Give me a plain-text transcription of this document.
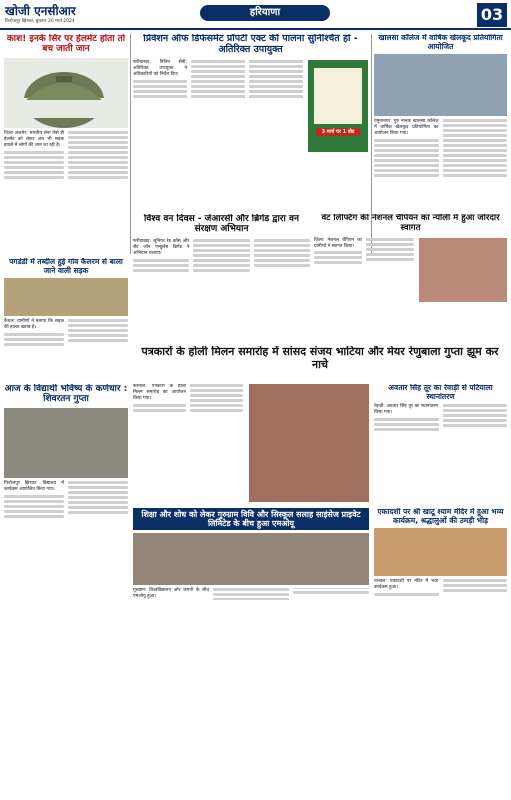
खोजी एनसीआर
फिरोजपुर झिरका, बुधवार 20 मार्च 2024
हरियाणा	03
काश! इनके सिर पर हेलमेट होता तो बच जाती जान

ज़िला अजमेर: भारतीय सेना जैसे ही हेलमेट को लेकर अब भी सड़क हादसे में लोगों की जान जा रही है।

प्रिवेंशन ऑफ डिफेसमेंट प्रॉपर्टी एक्ट की पालना सुनिश्चित हो - अतिरिक्त उपायुक्त

फरीदाबाद, नितिन सैनी: अतिरिक्त उपायुक्त ने अधिकारियों को निर्देश दिए।

3 मार्च पर 1 वोट
खालसा कॉलेज में वार्षिक खेलकूद प्रतियोगिता आयोजित

यमुनानगर: गुरु नानक खालसा कॉलेज में वार्षिक खेलकूद प्रतियोगिता का आयोजन किया गया।

विश्व वन दिवस - जेआरसी और ब्रिगेड द्वारा वन संरक्षण अभियान

फरीदाबाद: जूनियर रेड क्रॉस और सेंट जॉन एम्बुलेंस ब्रिगेड ने अभियान चलाया।

वेट लिफ्टिंग की नेशनल चैंपियन का न्यौली में हुआ जोरदार स्वागत

ज़िला: नेशनल चैंपियन का ग्रामीणों ने स्वागत किया।

पगडंडी में तब्दील हुई गांव कैलरम से बाला जाने वाली सड़क

कैथल: ग्रामीणों ने बताया कि सड़क की हालत खराब है।

पत्रकारों के होली मिलन समारोह में सांसद संजय भाटिया और मेयर रेणुबाला गुप्ता झूम कर नाचे
आज के विद्यार्थी भविष्य के कर्णधार : शिवरतन गुप्ता

फिरोजपुर झिरका: विद्यालय में कार्यक्रम आयोजित किया गया।

करनाल: पत्रकारों के होली मिलन समारोह का आयोजन किया गया।

अवतार सिंह तूर का रेवाड़ी से पटियाला स्थानांतरण

रेवाड़ी: अवतार सिंह तूर का स्थानांतरण किया गया।

शिक्षा और शोध को लेकर गुरुग्राम विवि और सिस्कूल सलाह साइंसेज प्राइवेट लिमिटेड के बीच हुआ एमओयू

गुरुग्राम: विश्वविद्यालय और कंपनी के बीच एमओयू हुआ।

एकादशी पर श्री खाटू श्याम मंदिर में हुआ भव्य कार्यक्रम, श्रद्धालुओं की उमड़ी भीड़

पलवल: एकादशी पर मंदिर में भव्य कार्यक्रम हुआ।
